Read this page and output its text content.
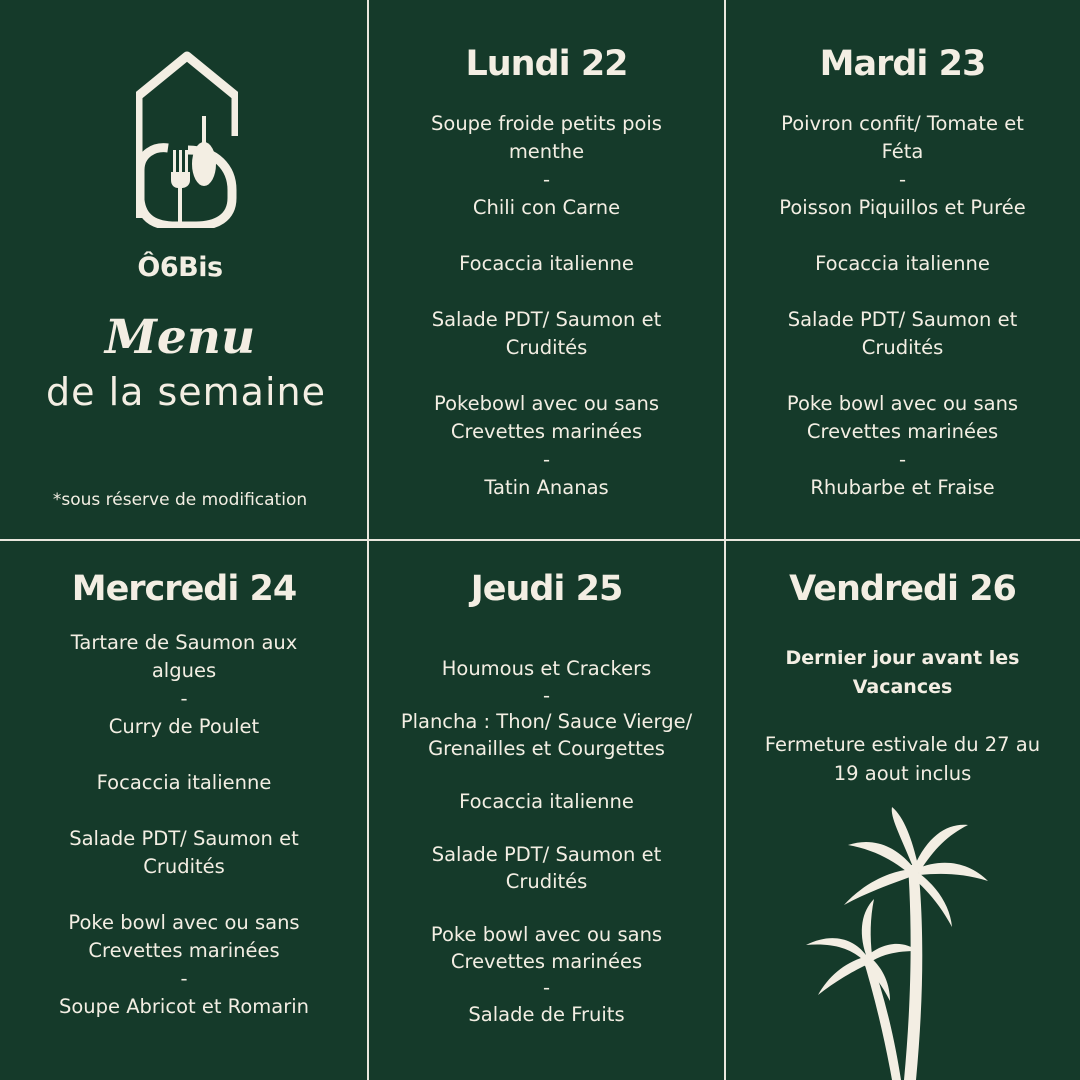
Ô6Bis
Menu
de la semaine
*sous réserve de modification
Lundi 22
Soupe froide petits pois
menthe
-
Chili con Carne

Focaccia italienne

Salade PDT/ Saumon et
Crudités

Pokebowl avec ou sans
Crevettes marinées
-
Tatin Ananas
Mardi 23
Poivron confit/ Tomate et
Féta
-
Poisson Piquillos et Purée

Focaccia italienne

Salade PDT/ Saumon et
Crudités

Poke bowl avec ou sans
Crevettes marinées
-
Rhubarbe et Fraise
Mercredi 24
Tartare de Saumon aux
algues
-
Curry de Poulet

Focaccia italienne

Salade PDT/ Saumon et
Crudités

Poke bowl avec ou sans
Crevettes marinées
-
Soupe Abricot et Romarin
Jeudi 25
Houmous et Crackers
-
Plancha : Thon/ Sauce Vierge/
Grenailles et Courgettes

Focaccia italienne

Salade PDT/ Saumon et
Crudités

Poke bowl avec ou sans
Crevettes marinées
-
Salade de Fruits
Vendredi 26
Dernier jour avant les
Vacances
Fermeture estivale du 27 au
19 aout inclus
